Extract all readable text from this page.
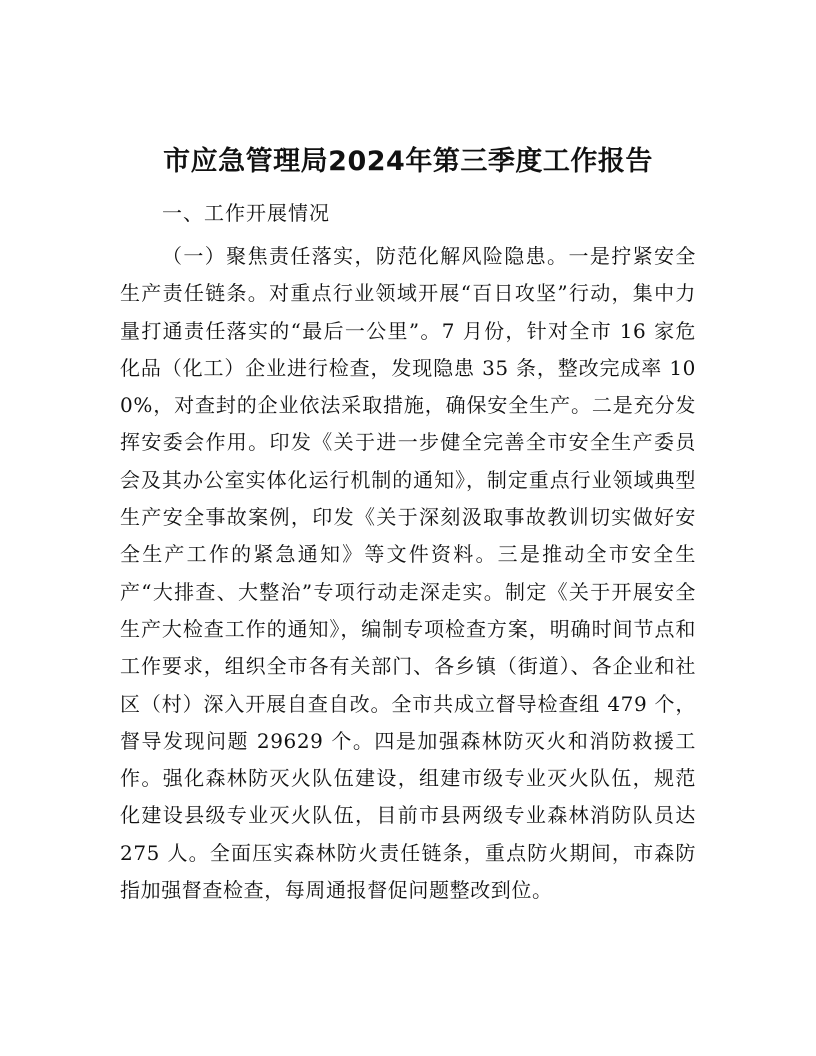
市应急管理局2024年第三季度工作报告

一、工作开展情况

（一）聚焦责任落实，防范化解风险隐患。一是拧紧安全生产责任链条。对重点行业领域开展“百日攻坚”行动，集中力量打通责任落实的“最后一公里”。7 月份，针对全市 16 家危化品（化工）企业进行检查，发现隐患 35 条，整改完成率 100%，对查封的企业依法采取措施，确保安全生产。二是充分发挥安委会作用。印发《关于进一步健全完善全市安全生产委员会及其办公室实体化运行机制的通知》，制定重点行业领域典型生产安全事故案例，印发《关于深刻汲取事故教训切实做好安全生产工作的紧急通知》等文件资料。三是推动全市安全生产“大排查、大整治”专项行动走深走实。制定《关于开展安全生产大检查工作的通知》，编制专项检查方案，明确时间节点和工作要求，组织全市各有关部门、各乡镇（街道）、各企业和社区（村）深入开展自查自改。全市共成立督导检查组 479 个，督导发现问题 29629 个。四是加强森林防灭火和消防救援工作。强化森林防灭火队伍建设，组建市级专业灭火队伍，规范化建设县级专业灭火队伍，目前市县两级专业森林消防队员达 275 人。全面压实森林防火责任链条，重点防火期间，市森防指加强督查检查，每周通报督促问题整改到位。
